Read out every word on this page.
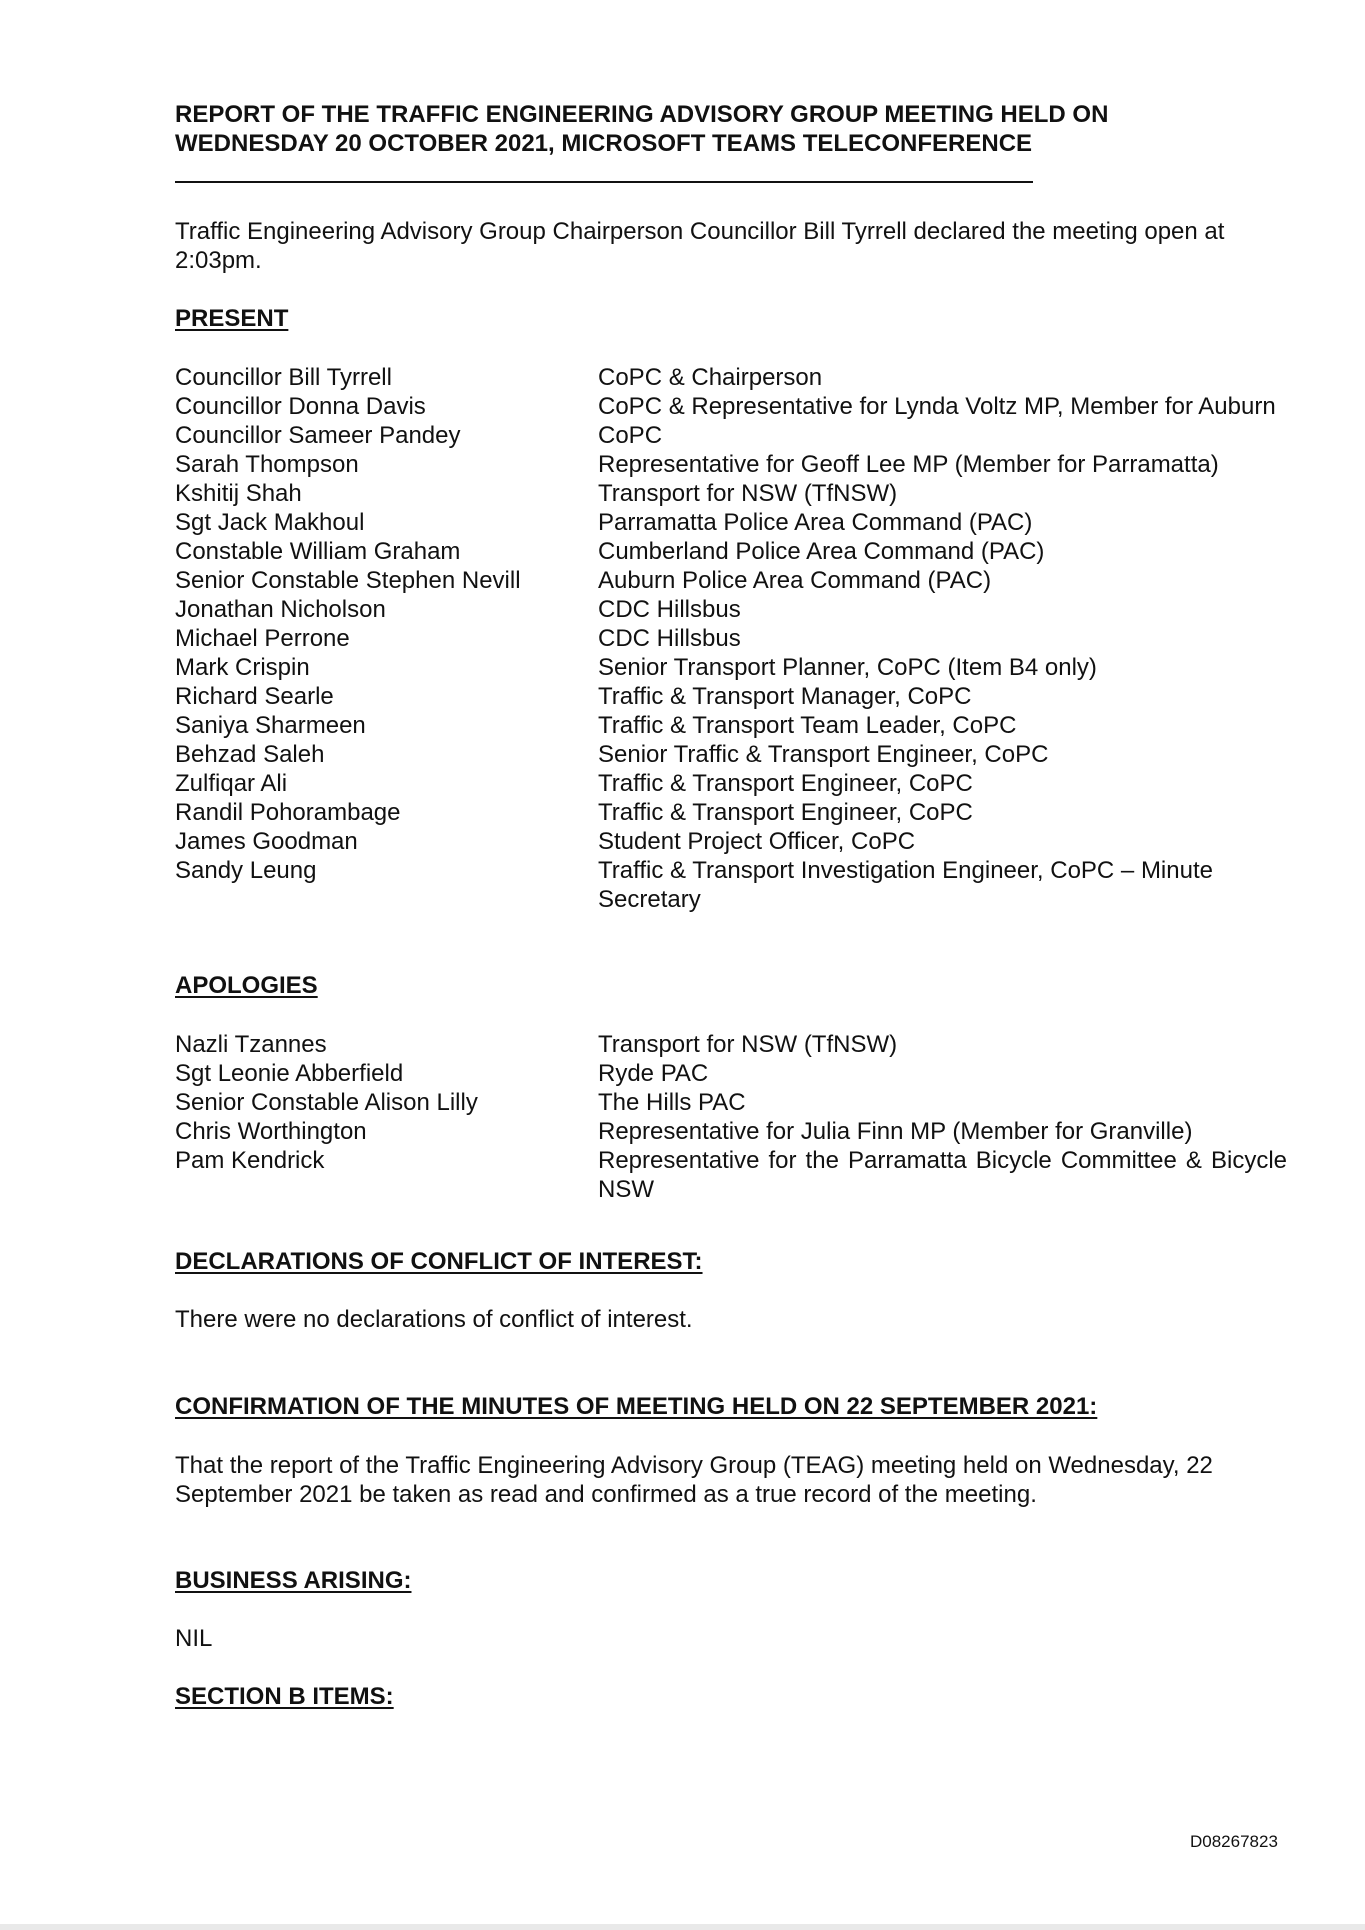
REPORT OF THE TRAFFIC ENGINEERING ADVISORY GROUP MEETING HELD ON
WEDNESDAY 20 OCTOBER 2021, MICROSOFT TEAMS TELECONFERENCE
Traffic Engineering Advisory Group Chairperson Councillor Bill Tyrrell declared the meeting open at 2:03pm.
PRESENT
Councillor Bill Tyrrell	CoPC & Chairperson
Councillor Donna Davis	CoPC & Representative for Lynda Voltz MP, Member for Auburn
Councillor Sameer Pandey	CoPC
Sarah Thompson	Representative for Geoff Lee MP (Member for Parramatta)
Kshitij Shah	Transport for NSW (TfNSW)
Sgt Jack Makhoul	Parramatta Police Area Command (PAC)
Constable William Graham	Cumberland Police Area Command (PAC)
Senior Constable Stephen Nevill	Auburn Police Area Command (PAC)
Jonathan Nicholson	CDC Hillsbus
Michael Perrone	CDC Hillsbus
Mark Crispin	Senior Transport Planner, CoPC (Item B4 only)
Richard Searle	Traffic & Transport Manager, CoPC
Saniya Sharmeen	Traffic & Transport Team Leader, CoPC
Behzad Saleh	Senior Traffic & Transport Engineer, CoPC
Zulfiqar Ali	Traffic & Transport Engineer, CoPC
Randil Pohorambage	Traffic & Transport Engineer, CoPC
James Goodman	Student Project Officer, CoPC
Sandy Leung	Traffic & Transport Investigation Engineer, CoPC – Minute Secretary
APOLOGIES
Nazli Tzannes	Transport for NSW (TfNSW)
Sgt Leonie Abberfield	Ryde PAC
Senior Constable Alison Lilly	The Hills PAC
Chris Worthington	Representative for Julia Finn MP (Member for Granville)
Pam Kendrick	Representative for the Parramatta Bicycle Committee & Bicycle NSW
DECLARATIONS OF CONFLICT OF INTEREST:
There were no declarations of conflict of interest.
CONFIRMATION OF THE MINUTES OF MEETING HELD ON 22 SEPTEMBER 2021:
That the report of the Traffic Engineering Advisory Group (TEAG) meeting held on Wednesday, 22 September 2021 be taken as read and confirmed as a true record of the meeting.
BUSINESS ARISING:
NIL
SECTION B ITEMS:
D08267823
